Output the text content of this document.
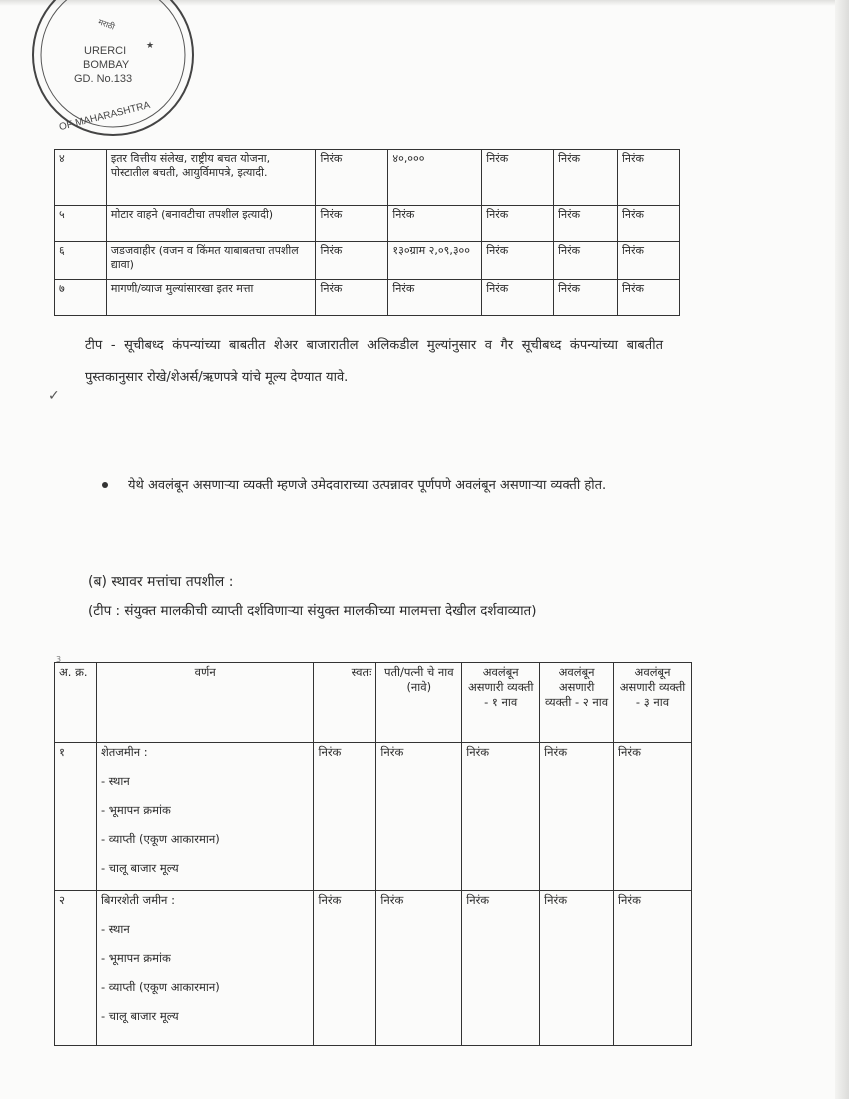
★
मराठी
URERCI
BOMBAY
GD. No.133
OF MAHARASHTRA
४	इतर वित्तीय संलेख, राष्ट्रीय बचत योजना, पोस्टातील बचती, आयुर्विमापत्रे, इत्यादी.	निरंक	४०,०००	निरंक	निरंक	निरंक
५	मोटार वाहने (बनावटीचा तपशील इत्यादी)	निरंक	निरंक	निरंक	निरंक	निरंक
६	जडजवाहीर (वजन व किंमत याबाबतचा तपशील द्यावा)	निरंक	१३०ग्राम २,०९,३००	निरंक	निरंक	निरंक
७	मागणी/व्याज मुल्यांसारखा इतर मत्ता	निरंक	निरंक	निरंक	निरंक	निरंक
✓

टीप - सूचीबध्द कंपन्यांच्या बाबतीत शेअर बाजारातील अलिकडील मुल्यांनुसार व गैर सूचीबध्द कंपन्यांच्या बाबतीत पुस्तकानुसार रोखे/शेअर्स/ऋणपत्रे यांचे मूल्य देण्यात यावे.

येथे अवलंबून असणाऱ्या व्यक्ती म्हणजे उमेदवाराच्या उत्पन्नावर पूर्णपणे अवलंबून असणाऱ्या व्यक्ती होत.

(ब) स्थावर मत्तांचा तपशील :

(टीप : संयुक्त मालकीची व्याप्ती दर्शविणाऱ्या संयुक्त मालकीच्या मालमत्ता देखील दर्शवाव्यात)

3
अ. क्र.	वर्णन	स्वतः	पती/पत्नी चे नाव (नावे)	अवलंबून असणारी व्यक्ती - १ नाव	अवलंबून असणारी व्यक्ती - २ नाव	अवलंबून असणारी व्यक्ती - ३ नाव
१	शेतजमीन :
- स्थान
- भूमापन क्रमांक
- व्याप्ती (एकूण आकारमान)
- चालू बाजार मूल्य	निरंक	निरंक	निरंक	निरंक	निरंक
२	बिगरशेती जमीन :
- स्थान
- भूमापन क्रमांक
- व्याप्ती (एकूण आकारमान)
- चालू बाजार मूल्य	निरंक	निरंक	निरंक	निरंक	निरंक
